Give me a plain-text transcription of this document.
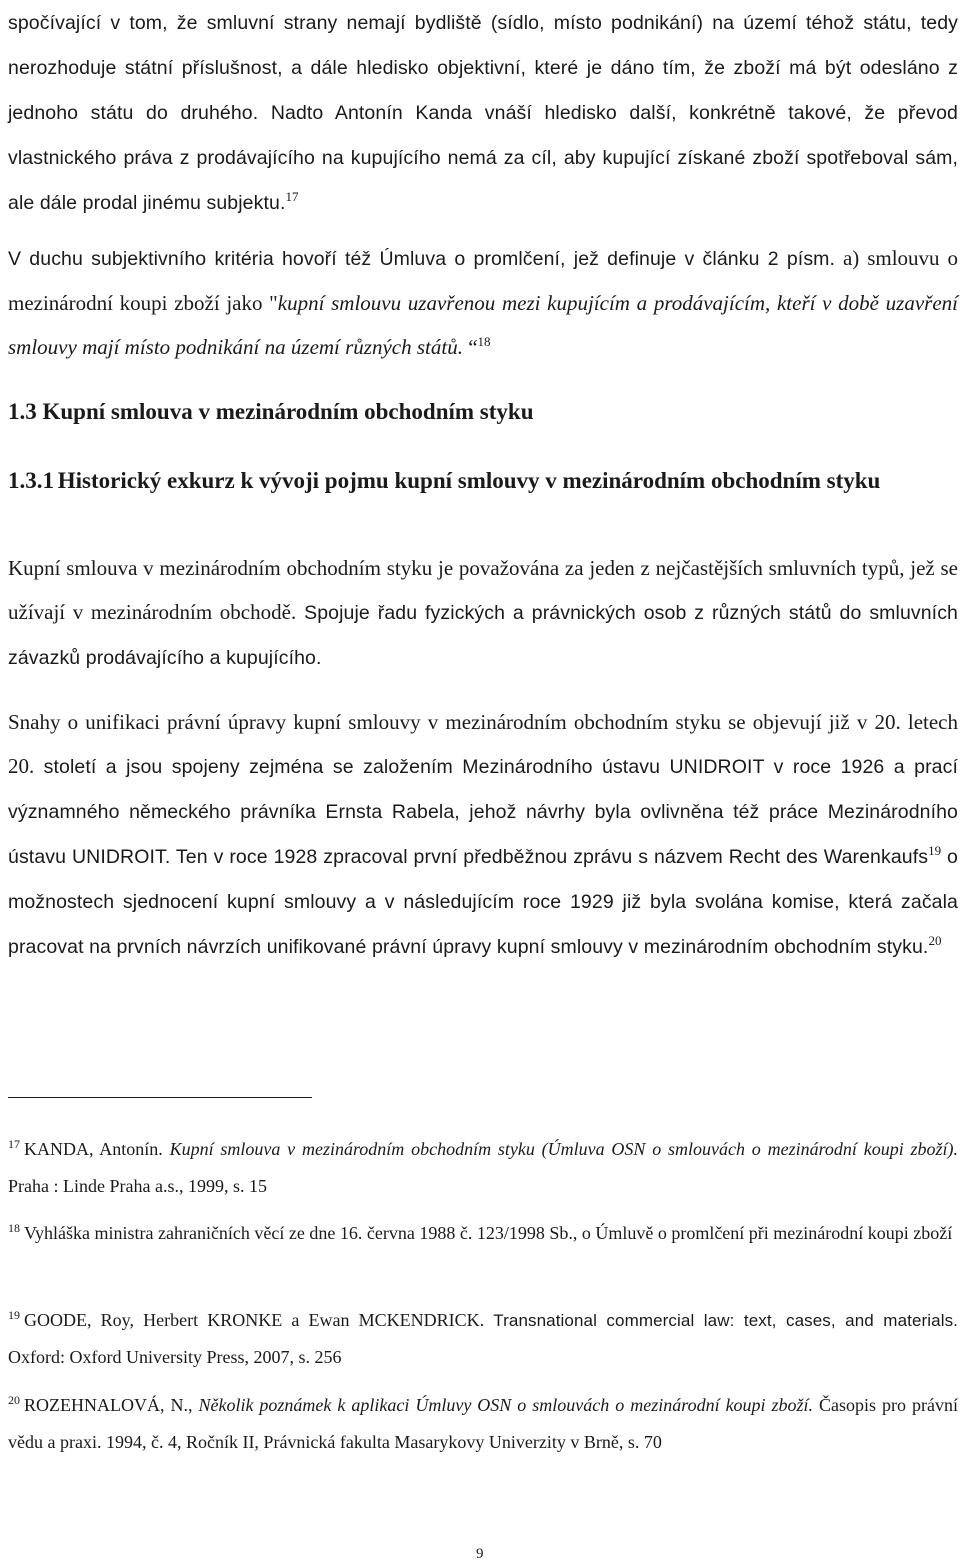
spočívající v tom, že smluvní strany nemají bydliště (sídlo, místo podnikání) na území téhož státu, tedy nerozhoduje státní příslušnost, a dále hledisko objektivní, které je dáno tím, že zboží má být odesláno z jednoho státu do druhého. Nadto Antonín Kanda vnáší hledisko další, konkrétně takové, že převod vlastnického práva z prodávajícího na kupujícího nemá za cíl, aby kupující získané zboží spotřeboval sám, ale dále prodal jinému subjektu.$^{17}$

V duchu subjektivního kritéria hovoří též Úmluva o promlčení, jež definuje v článku 2 písm. a) smlouvu o mezinárodní koupi zboží jako "kupní smlouvu uzavřenou mezi kupujícím a prodávajícím, kteří v době uzavření smlouvy mají místo podnikání na území různých států. “$^{18}$

1.3 Kupní smlouva v mezinárodním obchodním styku
1.3.1 Historický exkurz k vývoji pojmu kupní smlouvy v mezinárodním obchodním styku

Kupní smlouva v mezinárodním obchodním styku je považována za jeden z nejčastějších smluvních typů, jež se užívají v mezinárodním obchodě. Spojuje řadu fyzických a právnických osob z různých států do smluvních závazků prodávajícího a kupujícího.

Snahy o unifikaci právní úpravy kupní smlouvy v mezinárodním obchodním styku se objevují již v 20. letech 20. století a jsou spojeny zejména se založením Mezinárodního ústavu UNIDROIT v roce 1926 a prací významného německého právníka Ernsta Rabela, jehož návrhy byla ovlivněna též práce Mezinárodního ústavu UNIDROIT. Ten v roce 1928 zpracoval první předběžnou zprávu s názvem Recht des Warenkaufs$^{19}$ o možnostech sjednocení kupní smlouvy a v následujícím roce 1929 již byla svolána komise, která začala pracovat na prvních návrzích unifikované právní úpravy kupní smlouvy v mezinárodním obchodním styku.$^{20}$

$^{17}$ KANDA, Antonín. Kupní smlouva v mezinárodním obchodním styku (Úmluva OSN o smlouvách o mezinárodní koupi zboží). Praha : Linde Praha a.s., 1999, s. 15

$^{18}$ Vyhláška ministra zahraničních věcí ze dne 16. června 1988 č. 123/1998 Sb., o Úmluvě o promlčení při mezinárodní koupi zboží

$^{19}$ GOODE, Roy, Herbert KRONKE a Ewan MCKENDRICK. Transnational commercial law: text, cases, and materials. Oxford: Oxford University Press, 2007, s. 256

$^{20}$ ROZEHNALOVÁ, N., Několik poznámek k aplikaci Úmluvy OSN o smlouvách o mezinárodní koupi zboží. Časopis pro právní vědu a praxi. 1994, č. 4, Ročník II, Právnická fakulta Masarykovy Univerzity v Brně, s. 70

9
